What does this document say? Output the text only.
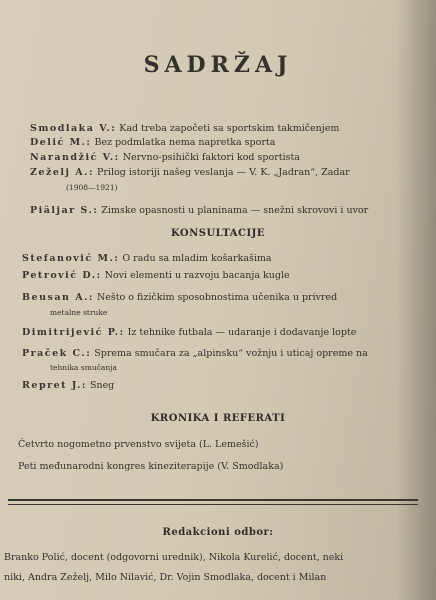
SADRŽAJ
Smodlaka V.: Kad treba započeti sa sportskim takmičenjem
Delić M.: Bez podmlatka nema napretka sporta
Narandžić V.: Nervno-psihički faktori kod sportista
Zeželj A.: Prilog istoriji našeg veslanja — V. K. „Jadran“, Zadar
(1908—1921)
Piäljar S.: Zimske opasnosti u planinama — snežni skrovovi i uvor
KONSULTACIJE
Stefanović M.: O radu sa mladim košarkašima
Petrović D.: Novi elementi u razvoju bacanja kugle
Beusan A.: Nešto o fizičkim sposobnostima učenika u privred
metalne struke
Dimitrijević P.: Iz tehnike futbala — udaranje i dodavanje lopte
Praček C.: Sprema smučara za „alpinsku“ vožnju i uticaj opreme na
tehnika smučanja
Repret J.: Sneg
KRONIKA I REFERATI
Četvrto nogometno prvenstvo svijeta (L. Lemešić)
Peti međunarodni kongres kineziterapije (V. Smodlaka)
Redakcioni odbor:
Branko Polić, docent (odgovorni urednik), Nikola Kurelić, docent, neki
niki, Andra Zeželj, Milo Nilavić, Dr. Vojin Smodlaka, docent i Milan
